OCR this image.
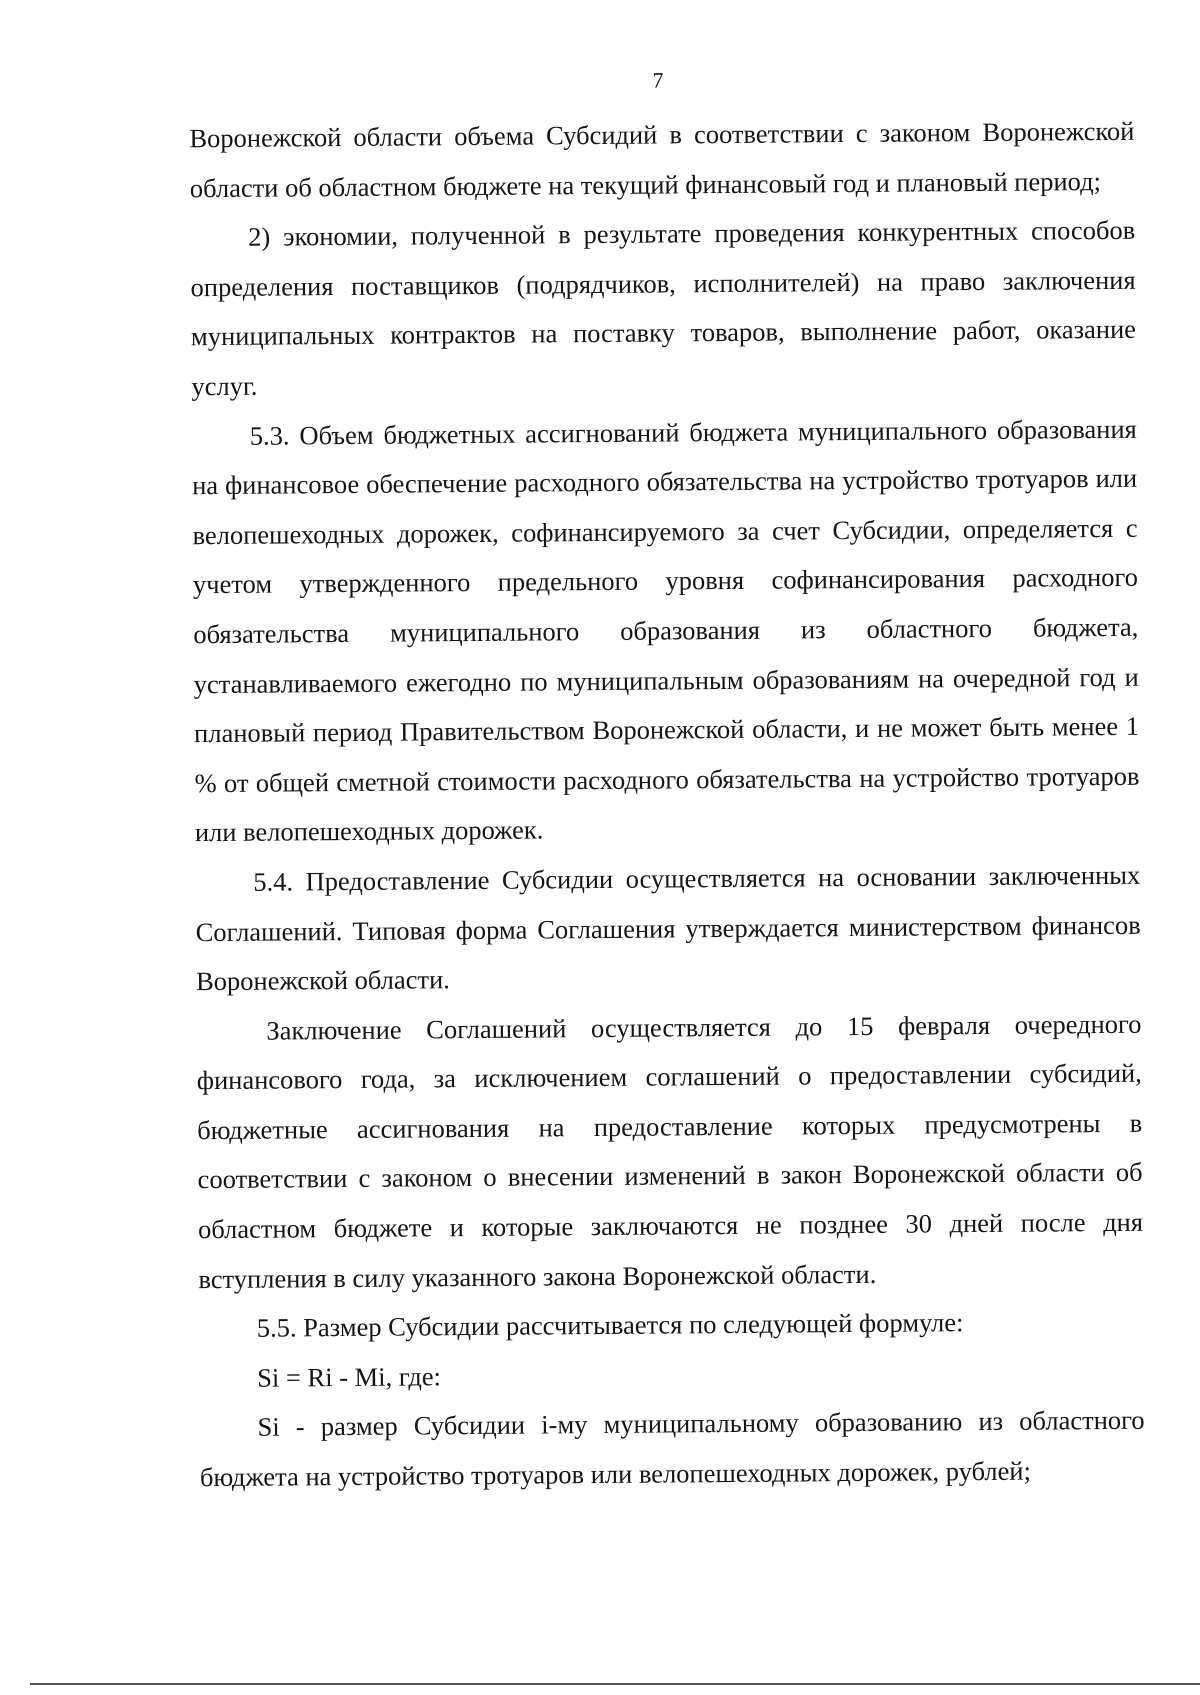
7

Воронежской области объема Субсидий в соответствии с законом Воронежской области об областном бюджете на текущий финансовый год и плановый период;

2) экономии, полученной в результате проведения конкурентных способов определения поставщиков (подрядчиков, исполнителей) на право заключения муниципальных контрактов на поставку товаров, выполнение работ, оказание услуг.

5.3. Объем бюджетных ассигнований бюджета муниципального образования на финансовое обеспечение расходного обязательства на устройство тротуаров или велопешеходных дорожек, софинансируемого за счет Субсидии, определяется с учетом утвержденного предельного уровня софинансирования расходного обязательства муниципального образования из областного бюджета, устанавливаемого ежегодно по муниципальным образованиям на очередной год и плановый период Правительством Воронежской области, и не может быть менее 1 % от общей сметной стоимости расходного обязательства на устройство тротуаров или велопешеходных дорожек.

5.4. Предоставление Субсидии осуществляется на основании заключенных Соглашений. Типовая форма Соглашения утверждается министерством финансов Воронежской области.

Заключение Соглашений осуществляется до 15 февраля очередного финансового года, за исключением соглашений о предоставлении субсидий, бюджетные ассигнования на предоставление которых предусмотрены в соответствии с законом о внесении изменений в закон Воронежской области об областном бюджете и которые заключаются не позднее 30 дней после дня вступления в силу указанного закона Воронежской области.

5.5. Размер Субсидии рассчитывается по следующей формуле:

Si = Ri - Mi, где:

Si - размер Субсидии i-му муниципальному образованию из областного бюджета на устройство тротуаров или велопешеходных дорожек, рублей;
